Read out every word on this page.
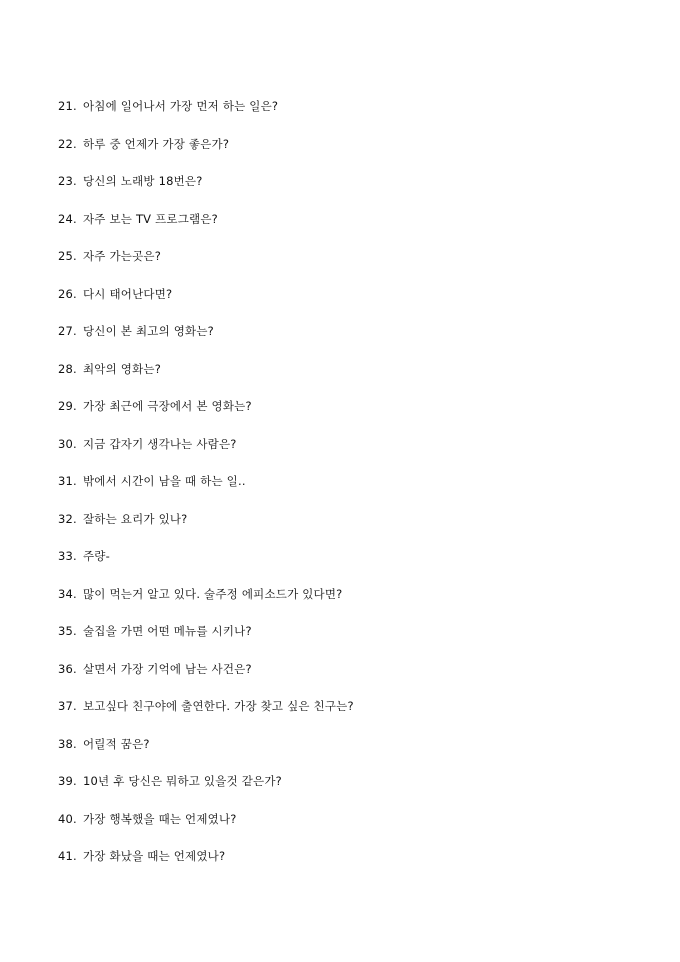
21. 아침에 일어나서 가장 먼저 하는 일은?
22. 하루 중 언제가 가장 좋은가?
23. 당신의 노래방 18번은?
24. 자주 보는 TV 프로그램은?
25. 자주 가는곳은?
26. 다시 태어난다면?
27. 당신이 본 최고의 영화는?
28. 최악의 영화는?
29. 가장 최근에 극장에서 본 영화는?
30. 지금 갑자기 생각나는 사람은?
31. 밖에서 시간이 남을 때 하는 일..
32. 잘하는 요리가 있나?
33. 주량-
34. 많이 먹는거 알고 있다. 술주정 에피소드가 있다면?
35. 술집을 가면 어떤 메뉴를 시키나?
36. 살면서 가장 기억에 남는 사건은?
37. 보고싶다 친구야에 출연한다. 가장 찾고 싶은 친구는?
38. 어릴적 꿈은?
39. 10년 후 당신은 뭐하고 있을것 같은가?
40. 가장 행복했을 때는 언제였나?
41. 가장 화났을 때는 언제였나?
